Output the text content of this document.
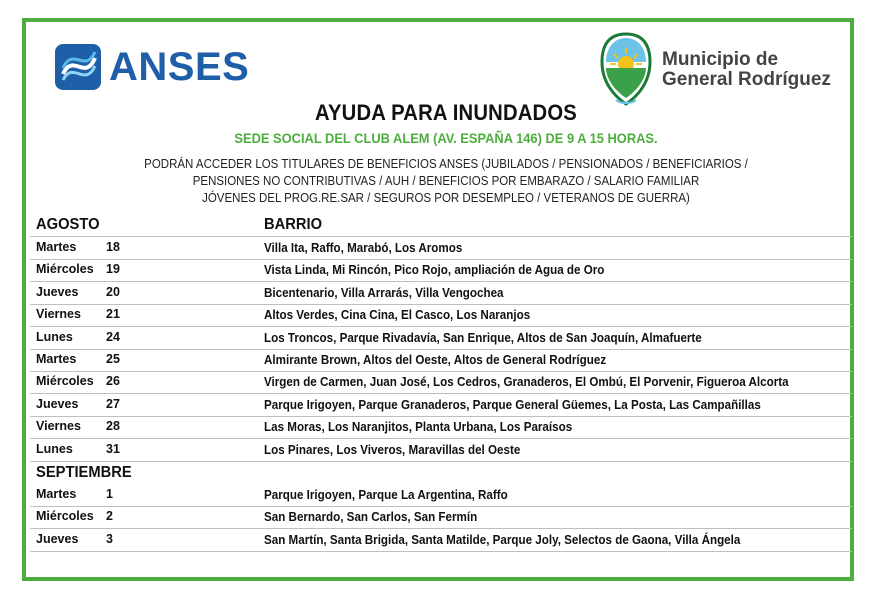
ANSES	Municipio de
General Rodríguez
AYUDA PARA INUNDADOS
SEDE SOCIAL DEL CLUB ALEM (AV. ESPAÑA 146) DE 9 A 15 HORAS.
PODRÁN ACCEDER LOS TITULARES DE BENEFICIOS ANSES (JUBILADOS / PENSIONADOS / BENEFICIARIOS /
PENSIONES NO CONTRIBUTIVAS / AUH / BENEFICIOS POR EMBARAZO / SALARIO FAMILIAR
JÓVENES DEL PROG.RE.SAR / SEGUROS POR DESEMPLEO / VETERANOS DE GUERRA)
AGOSTO	BARRIO
Martes 18	Villa Ita, Raffo, Marabó, Los Aromos
Miércoles 19	Vista Linda, Mi Rincón, Pico Rojo, ampliación de Agua de Oro
Jueves 20	Bicentenario, Villa Arrarás, Villa Vengochea
Viernes 21	Altos Verdes, Cina Cina, El Casco, Los Naranjos
Lunes	24	Los Troncos, Parque Rivadavía, San Enrique, Altos de San Joaquín, Almafuerte
Martes 25	Almirante Brown, Altos del Oeste, Altos de General Rodríguez
Miércoles 26	Virgen de Carmen, Juan José, Los Cedros, Granaderos, El Ombú, El Porvenir, Figueroa Alcorta
Jueves 27	Parque Irigoyen, Parque Granaderos, Parque General Güemes, La Posta, Las Campañillas
Viernes 28	Las Moras, Los Naranjitos, Planta Urbana, Los Paraísos
Lunes	31	Los Pinares, Los Viveros, Maravillas del Oeste
SEPTIEMBRE
Martes 1	Parque Irigoyen, Parque La Argentina, Raffo
Miércoles 2	San Bernardo, San Carlos, San Fermín
Jueves 3	San Martín, Santa Brigida, Santa Matilde, Parque Joly, Selectos de Gaona, Villa Ángela
